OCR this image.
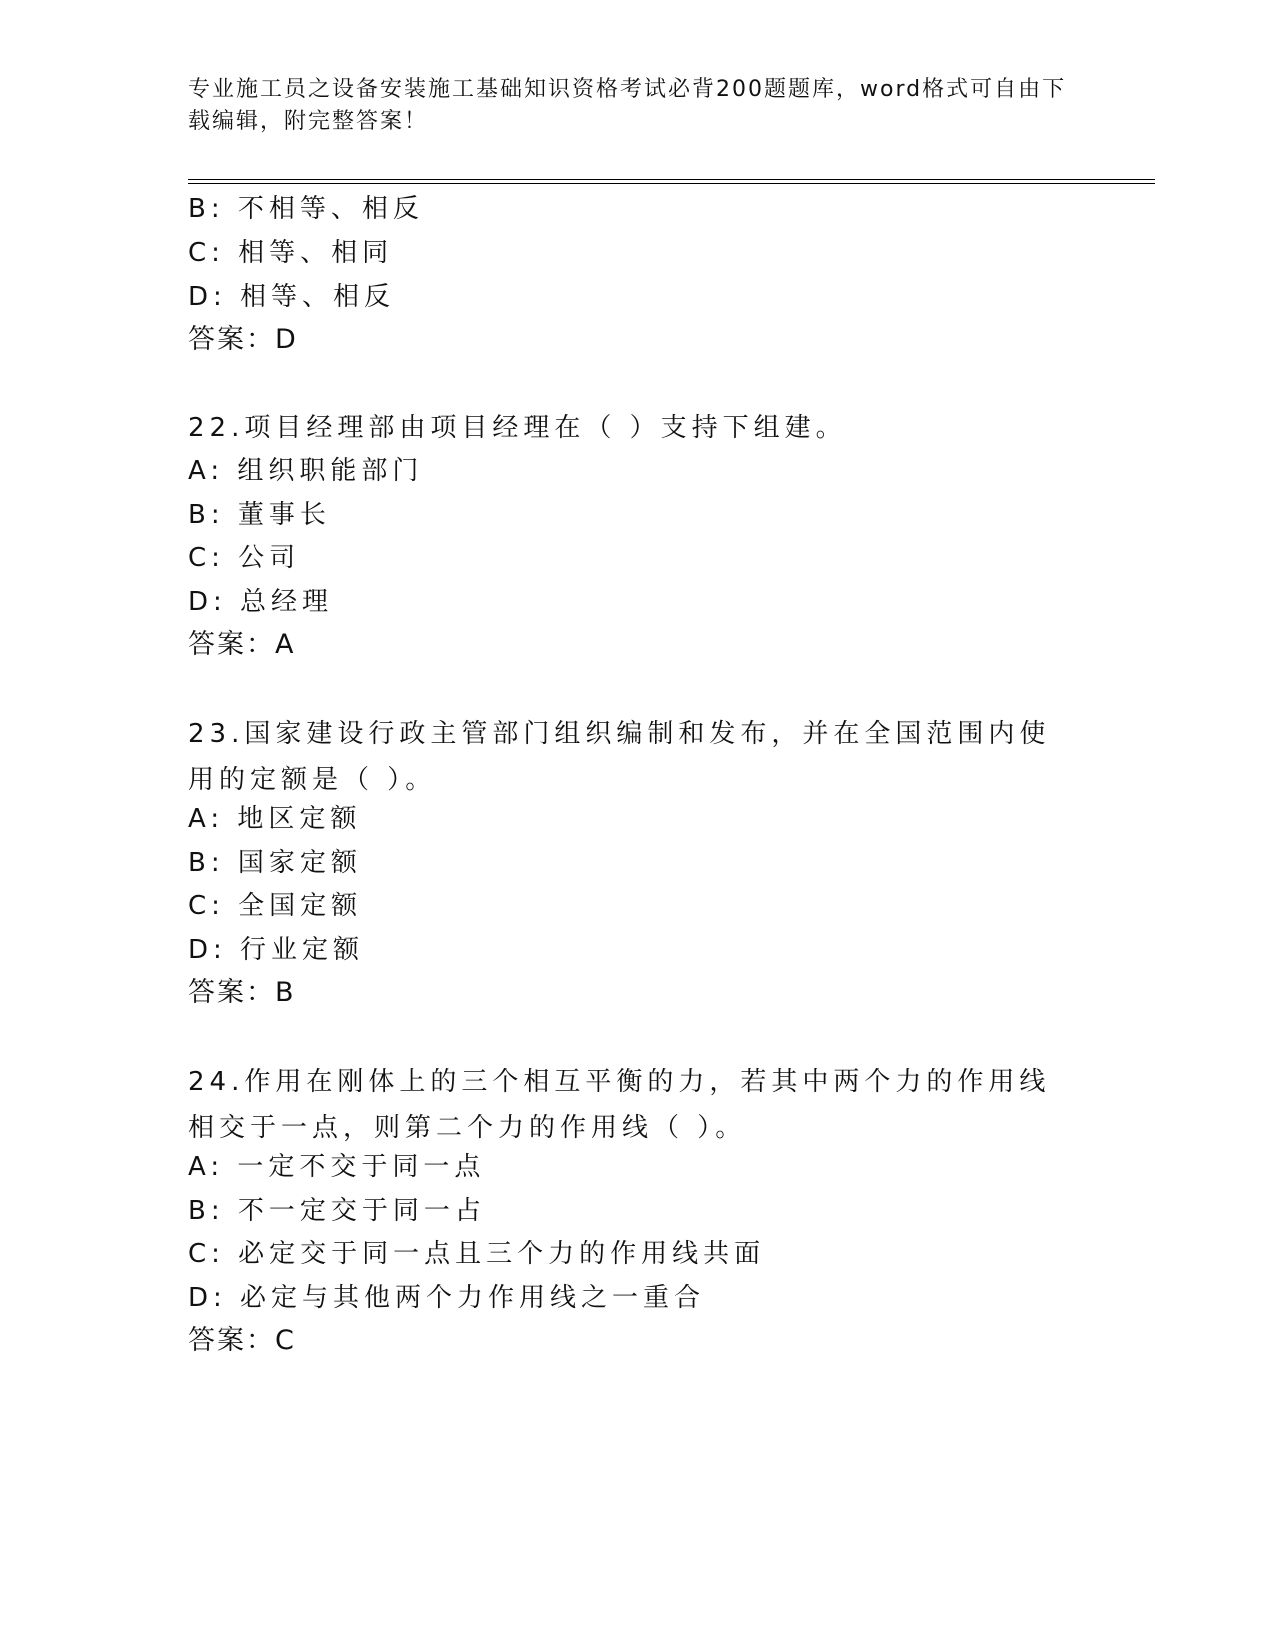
专业施工员之设备安装施工基础知识资格考试必背200题题库，word格式可自由下载编辑，附完整答案！
B: 不相等、相反
C: 相等、相同
D: 相等、相反
答案：D
22.项目经理部由项目经理在（ ）支持下组建。
A: 组织职能部门
B: 董事长
C: 公司
D: 总经理
答案：A
23.国家建设行政主管部门组织编制和发布，并在全国范围内使用的定额是（ ）。
A: 地区定额
B: 国家定额
C: 全国定额
D: 行业定额
答案：B
24.作用在刚体上的三个相互平衡的力，若其中两个力的作用线相交于一点，则第二个力的作用线（ ）。
A: 一定不交于同一点
B: 不一定交于同一占
C: 必定交于同一点且三个力的作用线共面
D: 必定与其他两个力作用线之一重合
答案：C
